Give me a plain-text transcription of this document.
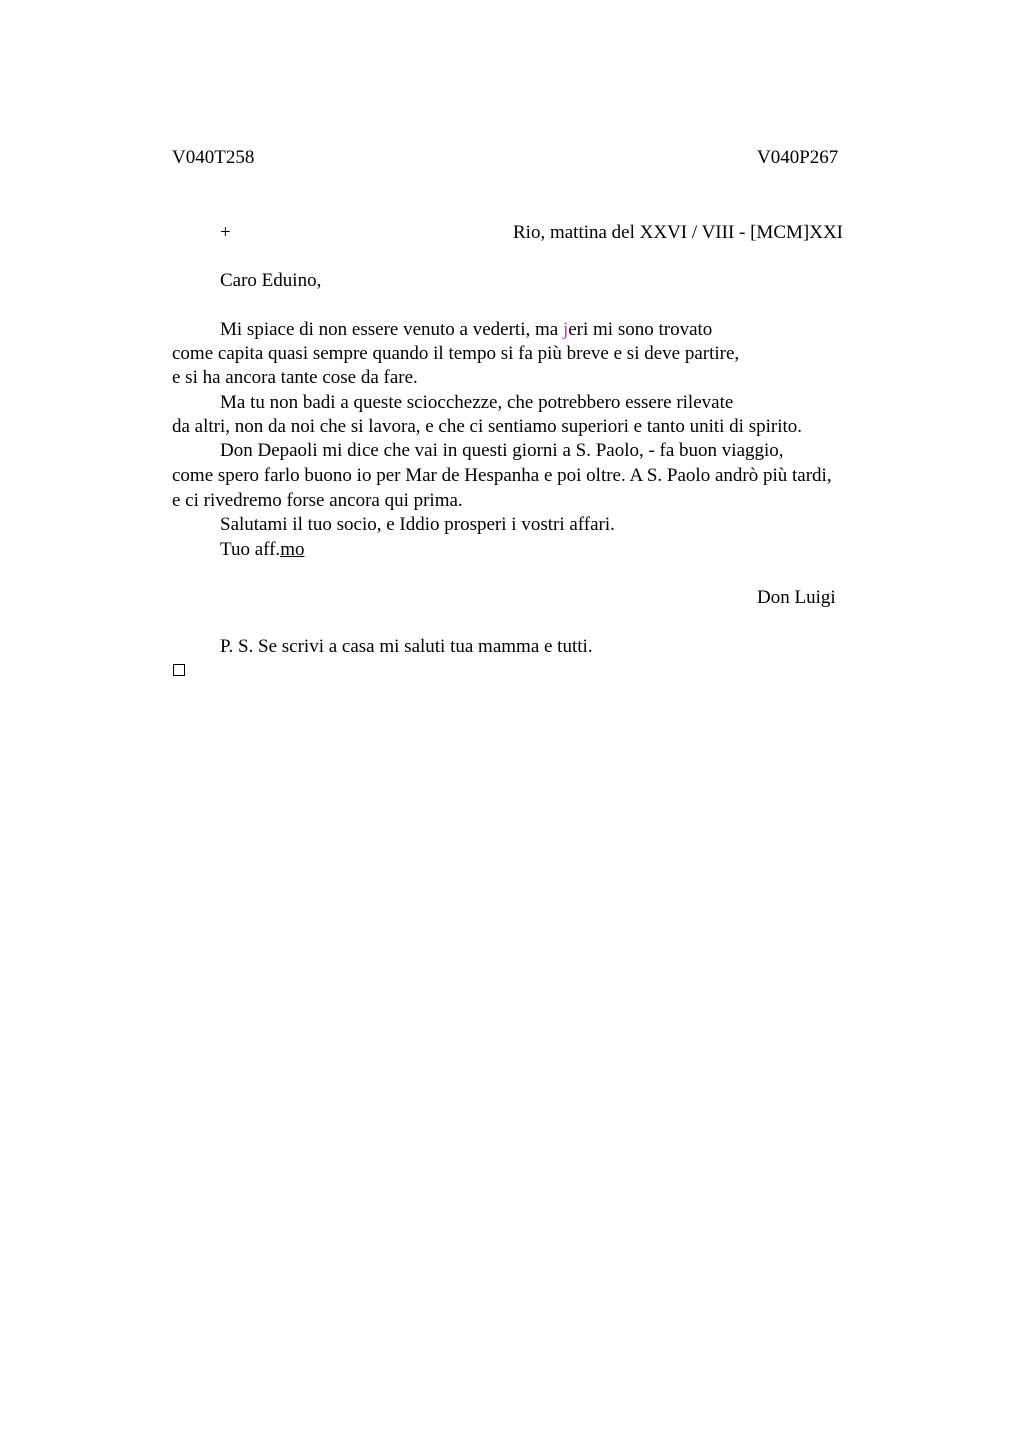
V040T258	V040P267
+	Rio, mattina del XXVI / VIII - [MCM]XXI
Caro Eduino,
Mi spiace di non essere venuto a vederti, ma jeri mi sono trovato
come capita quasi sempre quando il tempo si fa più breve e si deve partire,
e si ha ancora tante cose da fare.
Ma tu non badi a queste sciocchezze, che potrebbero essere rilevate
da altri, non da noi che si lavora, e che ci sentiamo superiori e tanto uniti di spirito.
Don Depaoli mi dice che vai in questi giorni a S. Paolo, - fa buon viaggio,
come spero farlo buono io per Mar de Hespanha e poi oltre. A S. Paolo andrò più tardi,
e ci rivedremo forse ancora qui prima.
Salutami il tuo socio, e Iddio prosperi i vostri affari.
Tuo aff.mo
Don Luigi
P. S. Se scrivi a casa mi saluti tua mamma e tutti.
